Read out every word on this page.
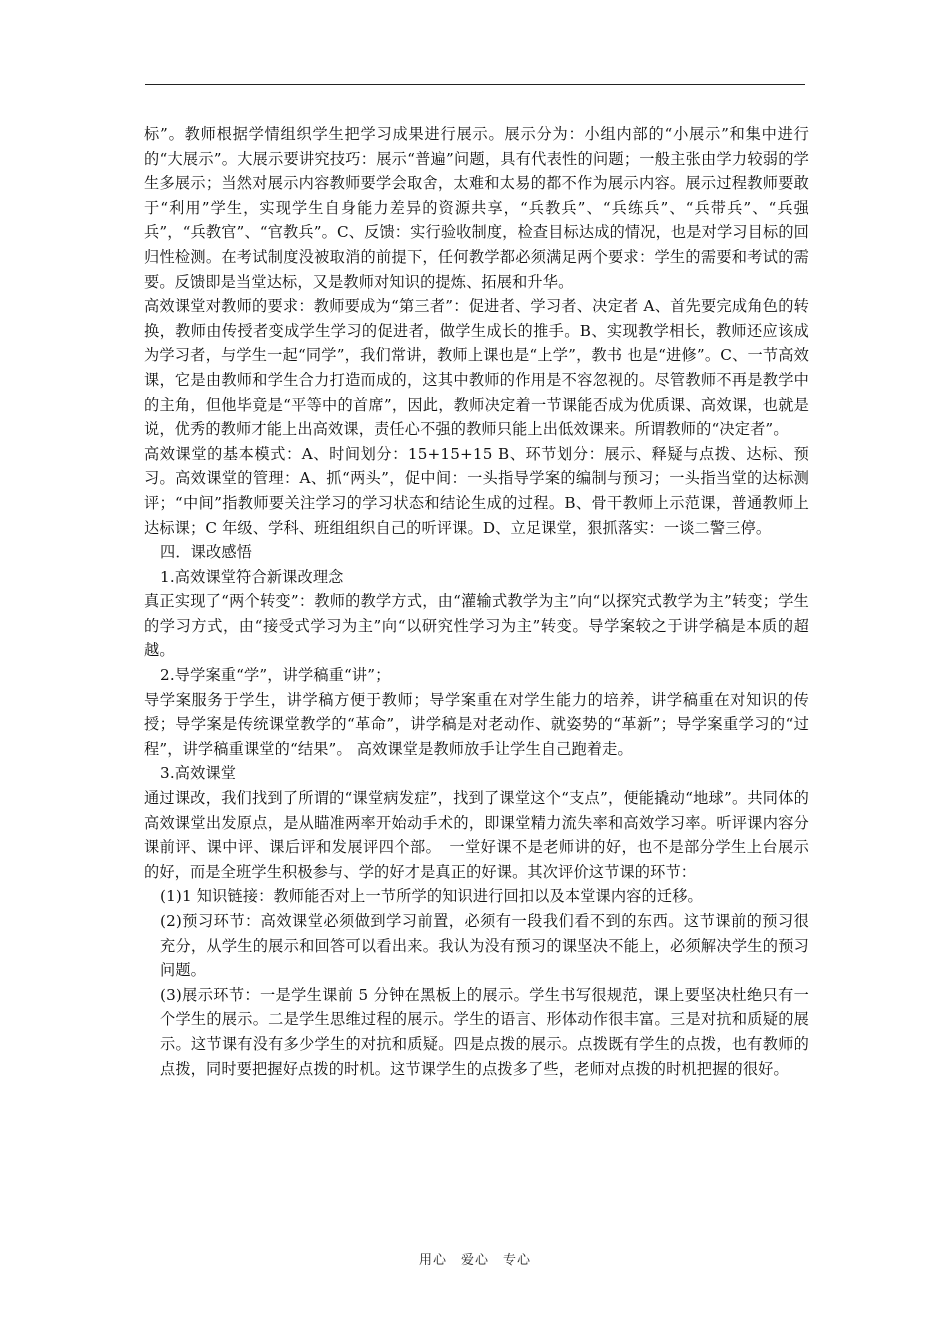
标”。教师根据学情组织学生把学习成果进行展示。展示分为：小组内部的“小展示”和集中进行的“大展示”。大展示要讲究技巧：展示“普遍”问题，具有代表性的问题；一般主张由学力较弱的学生多展示；当然对展示内容教师要学会取舍，太难和太易的都不作为展示内容。展示过程教师要敢于“利用”学生，实现学生自身能力差异的资源共享，“兵教兵”、“兵练兵”、“兵带兵”、“兵强兵”，“兵教官”、“官教兵”。C、反馈：实行验收制度，检查目标达成的情况，也是对学习目标的回归性检测。在考试制度没被取消的前提下，任何教学都必须满足两个要求：学生的需要和考试的需要。反馈即是当堂达标，又是教师对知识的提炼、拓展和升华。

高效课堂对教师的要求：教师要成为“第三者”：促进者、学习者、决定者 A、首先要完成角色的转换，教师由传授者变成学生学习的促进者，做学生成长的推手。B、实现教学相长，教师还应该成为学习者，与学生一起“同学”，我们常讲，教师上课也是“上学”，教书 也是“进修”。C、一节高效课，它是由教师和学生合力打造而成的，这其中教师的作用是不容忽视的。尽管教师不再是教学中的主角，但他毕竟是“平等中的首席”，因此，教师决定着一节课能否成为优质课、高效课，也就是说，优秀的教师才能上出高效课，责任心不强的教师只能上出低效课来。所谓教师的“决定者”。

高效课堂的基本模式：A、时间划分：15+15+15 B、环节划分：展示、释疑与点拨、达标、预习。高效课堂的管理：A、抓“两头”，促中间：一头指导学案的编制与预习；一头指当堂的达标测评；“中间”指教师要关注学习的学习状态和结论生成的过程。B、骨干教师上示范课，普通教师上达标课；C 年级、学科、班组组织自己的听评课。D、立足课堂，狠抓落实：一谈二警三停。

四．课改感悟

1.高效课堂符合新课改理念

真正实现了“两个转变”：教师的教学方式，由“灌输式教学为主”向“以探究式教学为主”转变；学生的学习方式，由“接受式学习为主”向“以研究性学习为主”转变。导学案较之于讲学稿是本质的超越。

2.导学案重“学”，讲学稿重“讲”；

导学案服务于学生，讲学稿方便于教师；导学案重在对学生能力的培养，讲学稿重在对知识的传授；导学案是传统课堂教学的“革命”，讲学稿是对老动作、就姿势的“革新”；导学案重学习的“过程”，讲学稿重课堂的“结果”。 高效课堂是教师放手让学生自己跑着走。

3.高效课堂

通过课改，我们找到了所谓的“课堂病发症”，找到了课堂这个“支点”，便能撬动“地球”。共同体的高效课堂出发原点，是从瞄准两率开始动手术的，即课堂精力流失率和高效学习率。听评课内容分课前评、课中评、课后评和发展评四个部。　一堂好课不是老师讲的好，也不是部分学生上台展示的好，而是全班学生积极参与、学的好才是真正的好课。其次评价这节课的环节：

(1)1 知识链接：教师能否对上一节所学的知识进行回扣以及本堂课内容的迁移。

(2)预习环节：高效课堂必须做到学习前置，必须有一段我们看不到的东西。这节课前的预习很充分，从学生的展示和回答可以看出来。我认为没有预习的课坚决不能上，必须解决学生的预习问题。

(3)展示环节：一是学生课前 5 分钟在黑板上的展示。学生书写很规范，课上要坚决杜绝只有一个学生的展示。二是学生思维过程的展示。学生的语言、形体动作很丰富。三是对抗和质疑的展示。这节课有没有多少学生的对抗和质疑。四是点拨的展示。点拨既有学生的点拨，也有教师的点拨，同时要把握好点拨的时机。这节课学生的点拨多了些，老师对点拨的时机把握的很好。

用心　爱心　专心
